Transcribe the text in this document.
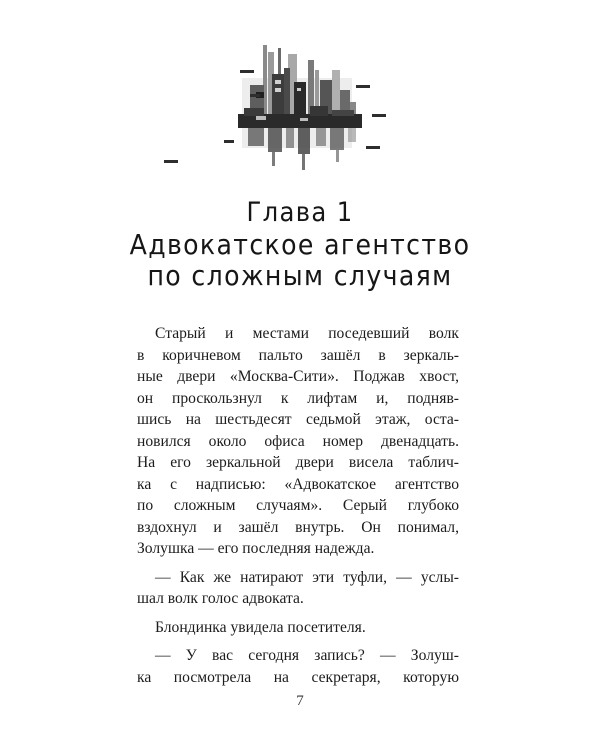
Глава 1
Адвокатское агентство
по сложным случаям
Старый и местами поседевший волк
в коричневом пальто зашёл в зеркаль-
ные двери «Москва-Сити». Поджав хвост,
он проскользнул к лифтам и, подняв-
шись на шестьдесят седьмой этаж, оста-
новился около офиса номер двенадцать.
На его зеркальной двери висела таблич-
ка с надписью: «Адвокатское агентство
по сложным случаям». Серый глубоко
вздохнул и зашёл внутрь. Он понимал,
Золушка — его последняя надежда.
— Как же натирают эти туфли, — услы-
шал волк голос адвоката.
Блондинка увидела посетителя.
— У вас сегодня запись? — Золуш-
ка посмотрела на секретаря, которую
7
